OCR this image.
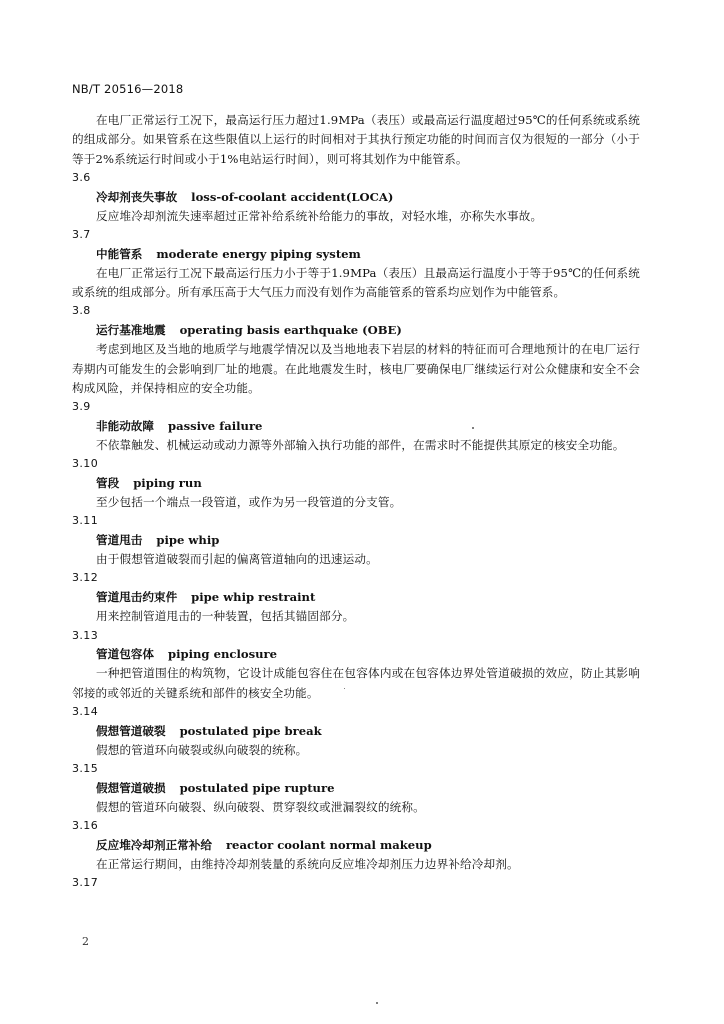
NB/T 20516—2018

在电厂正常运行工况下，最高运行压力超过1.9MPa（表压）或最高运行温度超过95℃的任何系统或系统的组成部分。如果管系在这些限值以上运行的时间相对于其执行预定功能的时间而言仅为很短的一部分（小于等于2%系统运行时间或小于1%电站运行时间），则可将其划作为中能管系。

3.6

冷却剂丧失事故 loss-of-coolant accident(LOCA)

反应堆冷却剂流失速率超过正常补给系统补给能力的事故，对轻水堆，亦称失水事故。

3.7

中能管系 moderate energy piping system

在电厂正常运行工况下最高运行压力小于等于1.9MPa（表压）且最高运行温度小于等于95℃的任何系统或系统的组成部分。所有承压高于大气压力而没有划作为高能管系的管系均应划作为中能管系。

3.8

运行基准地震 operating basis earthquake (OBE)

考虑到地区及当地的地质学与地震学情况以及当地地表下岩层的材料的特征而可合理地预计的在电厂运行寿期内可能发生的会影响到厂址的地震。在此地震发生时，核电厂要确保电厂继续运行对公众健康和安全不会构成风险，并保持相应的安全功能。

3.9

非能动故障 passive failure

不依靠触发、机械运动或动力源等外部输入执行功能的部件，在需求时不能提供其原定的核安全功能。

3.10

管段 piping run

至少包括一个端点一段管道，或作为另一段管道的分支管。

3.11

管道甩击 pipe whip

由于假想管道破裂而引起的偏离管道轴向的迅速运动。

3.12

管道甩击约束件 pipe whip restraint

用来控制管道甩击的一种装置，包括其锚固部分。

3.13

管道包容体 piping enclosure

一种把管道围住的构筑物，它设计成能包容住在包容体内或在包容体边界处管道破损的效应，防止其影响邻接的或邻近的关键系统和部件的核安全功能。

3.14

假想管道破裂 postulated pipe break

假想的管道环向破裂或纵向破裂的统称。

3.15

假想管道破损 postulated pipe rupture

假想的管道环向破裂、纵向破裂、贯穿裂纹或泄漏裂纹的统称。

3.16

反应堆冷却剂正常补给 reactor coolant normal makeup

在正常运行期间，由维持冷却剂装量的系统向反应堆冷却剂压力边界补给冷却剂。

3.17

2
